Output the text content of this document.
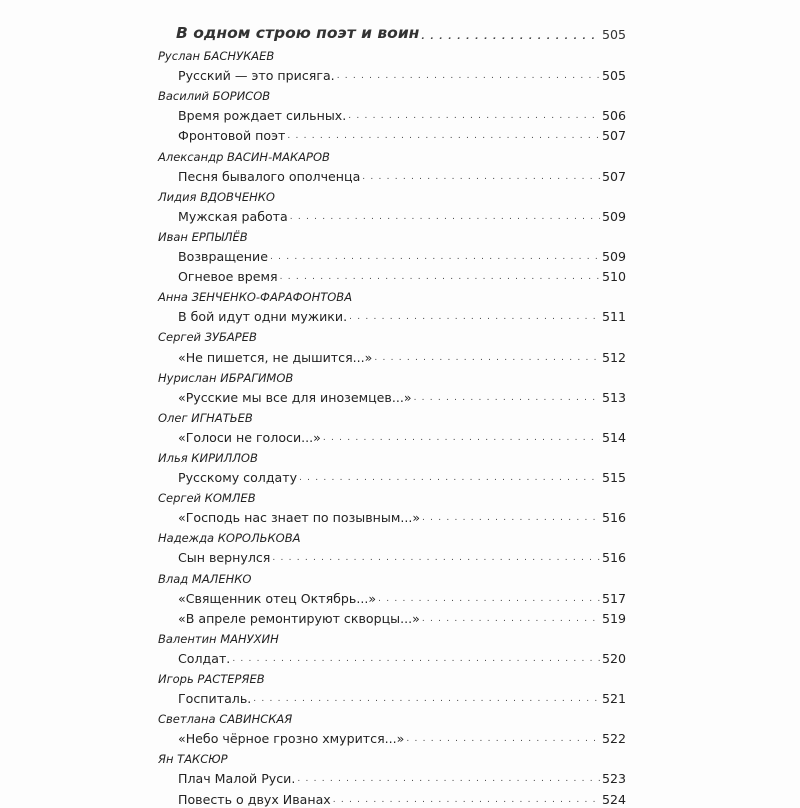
В одном строю поэт и воин . . .	505
Руслан БАСНУКАЕВ
Русский — это присяга. . . .	505
Василий БОРИСОВ
Время рождает сильных. . . .	506
Фронтовой поэт . . .	507
Александр ВАСИН-МАКАРОВ
Песня бывалого ополченца . . .	507
Лидия ВДОВЧЕНКО
Мужская работа . . .	509
Иван ЕРПЫЛЁВ
Возвращение . . .	509
Огневое время . . .	510
Анна ЗЕНЧЕНКО-ФАРАФОНТОВА
В бой идут одни мужики. . . .	511
Сергей ЗУБАРЕВ
«Не пишется, не дышится...» . . .	512
Нурислан ИБРАГИМОВ
«Русские мы все для иноземцев...» . . .	513
Олег ИГНАТЬЕВ
«Голоси не голоси...» . . .	514
Илья КИРИЛЛОВ
Русскому солдату . . .	515
Сергей КОМЛЕВ
«Господь нас знает по позывным...» . . .	516
Надежда КОРОЛЬКОВА
Сын вернулся . . .	516
Влад МАЛЕНКО
«Священник отец Октябрь...» . . .	517
«В апреле ремонтируют скворцы...» . . .	519
Валентин МАНУХИН
Солдат. . . .	520
Игорь РАСТЕРЯЕВ
Госпиталь. . . .	521
Светлана САВИНСКАЯ
«Небо чёрное грозно хмурится...» . . .	522
Ян ТАКСЮР
Плач Малой Руси. . . .	523
Повесть о двух Иванах . . .	524
